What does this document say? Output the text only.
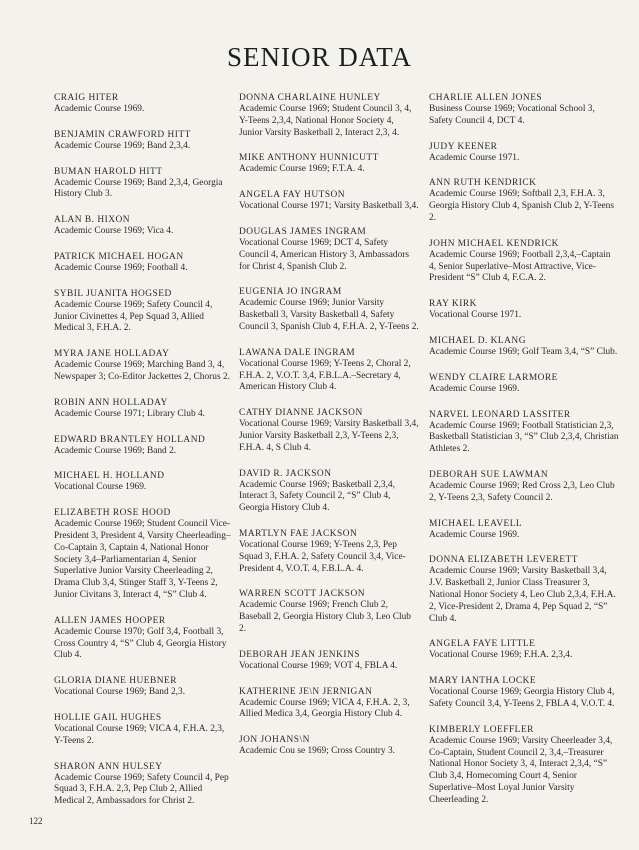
SENIOR DATA
CRAIG HITER
Academic Course 1969.
BENJAMIN CRAWFORD HITT
Academic Course 1969; Band 2,3,4.
BUMAN HAROLD HITT
Academic Course 1969; Band 2,3,4, Georgia History Club 3.
ALAN B. HIXON
Academic Course 1969; Vica 4.
PATRICK MICHAEL HOGAN
Academic Course 1969; Football 4.
SYBIL JUANITA HOGSED
Academic Course 1969; Safety Council 4, Junior Civinettes 4, Pep Squad 3, Allied Medical 3, F.H.A. 2.
MYRA JANE HOLLADAY
Academic Course 1969; Marching Band 3, 4, Newspaper 3; Co-Editor Jackettes 2, Chorus 2.
ROBIN ANN HOLLADAY
Academic Course 1971; Library Club 4.
EDWARD BRANTLEY HOLLAND
Academic Course 1969; Band 2.
MICHAEL H. HOLLAND
Vocational Course 1969.
ELIZABETH ROSE HOOD
Academic Course 1969; Student Council Vice-President 3, President 4, Varsity Cheerleading–Co-Captain 3, Captain 4, National Honor Society 3,4–Parliamentarian 4, Senior Superlative Junior Varsity Cheerleading 2, Drama Club 3,4, Stinger Staff 3, Y-Teens 2, Junior Civitans 3, Interact 4, “S” Club 4.
ALLEN JAMES HOOPER
Academic Course 1970; Golf 3,4, Football 3, Cross Country 4, “S” Club 4, Georgia History Club 4.
GLORIA DIANE HUEBNER
Vocational Course 1969; Band 2,3.
HOLLIE GAIL HUGHES
Vocational Course 1969; VICA 4, F.H.A. 2,3, Y-Teens 2.
SHARON ANN HULSEY
Academic Course 1969; Safety Council 4, Pep Squad 3, F.H.A. 2,3, Pep Club 2, Allied Medical 2, Ambassadors for Christ 2.
DONNA CHARLAINE HUNLEY
Academic Course 1969; Student Council 3, 4, Y-Teens 2,3,4, National Honor Society 4, Junior Varsity Basketball 2, Interact 2,3, 4.
MIKE ANTHONY HUNNICUTT
Academic Course 1969; F.T.A. 4.
ANGELA FAY HUTSON
Vocational Course 1971; Varsity Basketball 3,4.
DOUGLAS JAMES INGRAM
Vocational Course 1969; DCT 4, Safety Council 4, American History 3, Ambassadors for Christ 4, Spanish Club 2.
EUGENIA JO INGRAM
Academic Course 1969; Junior Varsity Basketball 3, Varsity Basketball 4, Safety Council 3, Spanish Club 4, F.H.A. 2, Y-Teens 2.
LAWANA DALE INGRAM
Vocational Course 1969; Y-Teens 2, Choral 2, F.H.A. 2, V.O.T. 3,4, F.B.L.A.–Secretary 4, American History Club 4.
CATHY DIANNE JACKSON
Vocational Course 1969; Varsity Basketball 3,4, Junior Varsity Basketball 2,3, Y-Teens 2,3, F.H.A. 4, S Club 4.
DAVID R. JACKSON
Academic Course 1969; Basketball 2,3,4, Interact 3, Safety Council 2, “S” Club 4, Georgia History Club 4.
MARTLYN FAE JACKSON
Vocational Course 1969; Y-Teens 2,3, Pep Squad 3, F.H.A. 2, Safety Council 3,4, Vice-President 4, V.O.T. 4, F.B.L.A. 4.
WARREN SCOTT JACKSON
Academic Course 1969; French Club 2, Baseball 2, Georgia History Club 3, Leo Club 2.
DEBORAH JEAN JENKINS
Vocational Course 1969; VOT 4, FBLA 4.
KATHERINE JE\N JERNIGAN
Academic Course 1969; VICA 4, F.H.A. 2, 3, Allied Medica 3,4, Georgia History Club 4.
JON JOHANS\N
Academic Cou se 1969; Cross Country 3.
CHARLIE ALLEN JONES
Business Course 1969; Vocational School 3, Safety Council 4, DCT 4.
JUDY KEENER
Academic Course 1971.
ANN RUTH KENDRICK
Academic Course 1969; Softball 2,3, F.H.A. 3, Georgia History Club 4, Spanish Club 2, Y-Teens 2.
JOHN MICHAEL KENDRICK
Academic Course 1969; Football 2,3,4,–Captain 4, Senior Superlative–Most Attractive, Vice-President “S” Club 4, F.C.A. 2.
RAY KIRK
Vocational Course 1971.
MICHAEL D. KLANG
Academic Course 1969; Golf Team 3,4, “S” Club.
WENDY CLAIRE LARMORE
Academic Course 1969.
NARVEL LEONARD LASSITER
Academic Course 1969; Football Statistician 2,3, Basketball Statistician 3, “S” Club 2,3,4, Christian Athletes 2.
DEBORAH SUE LAWMAN
Academic Course 1969; Red Cross 2,3, Leo Club 2, Y-Teens 2,3, Safety Council 2.
MICHAEL LEAVELL
Academic Course 1969.
DONNA ELIZABETH LEVERETT
Academic Course 1969; Varsity Basketball 3,4, J.V. Basketball 2, Junior Class Treasurer 3, National Honor Society 4, Leo Club 2,3,4, F.H.A. 2, Vice-President 2, Drama 4, Pep Squad 2, “S” Club 4.
ANGELA FAYE LITTLE
Vocational Course 1969; F.H.A. 2,3,4.
MARY IANTHA LOCKE
Vocational Course 1969; Georgia History Club 4, Safety Council 3,4, Y-Teens 2, FBLA 4, V.O.T. 4.
KIMBERLY LOEFFLER
Academic Course 1969; Varsity Cheerleader 3,4, Co-Captain, Student Council 2, 3,4,–Treasurer National Honor Society 3, 4, Interact 2,3,4, “S” Club 3,4, Homecoming Court 4, Senior Superlative–Most Loyal Junior Varsity Cheerleading 2.
122
